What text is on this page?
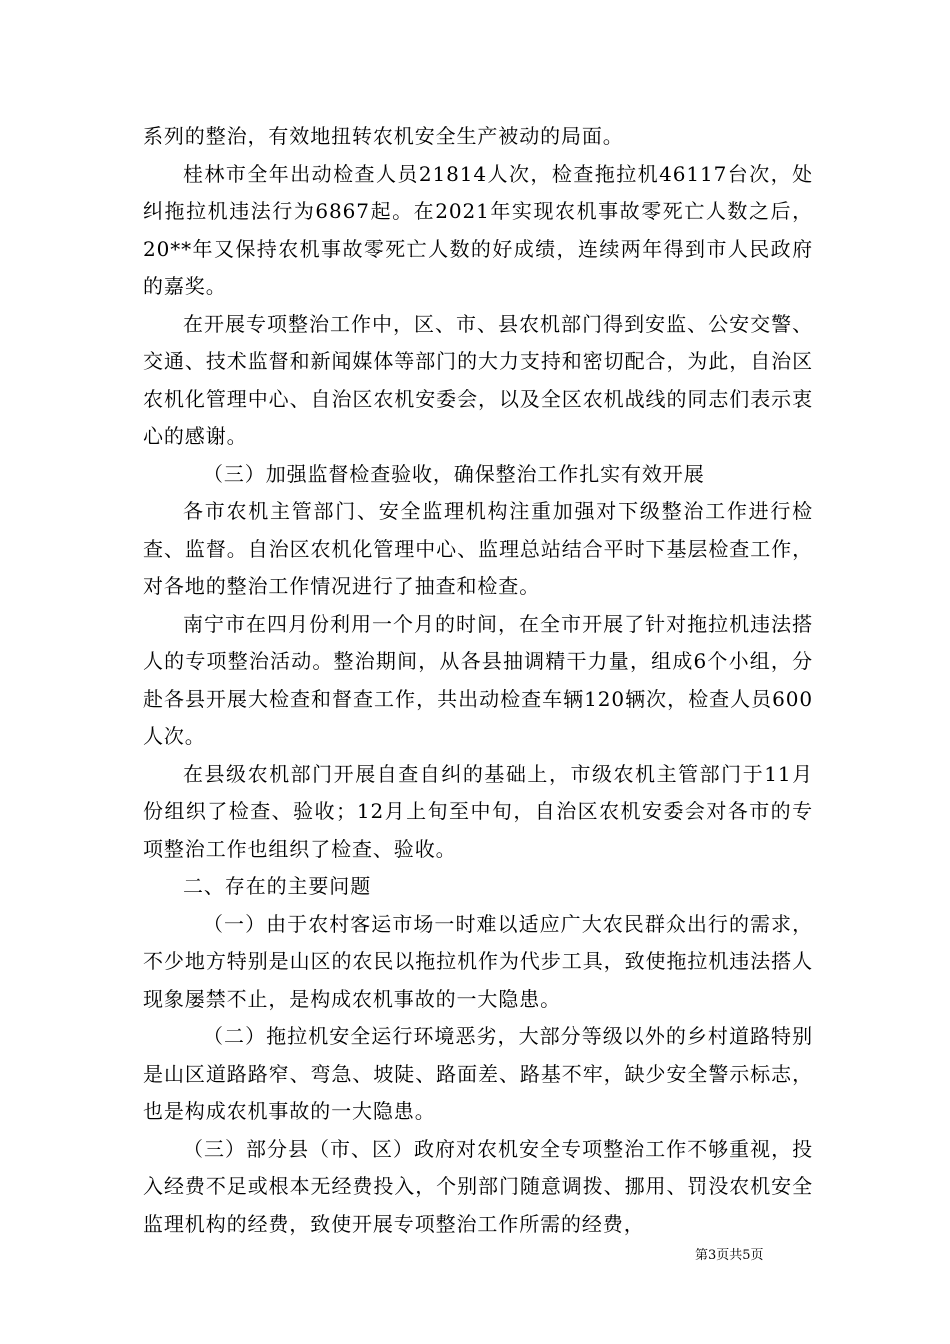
系列的整治，有效地扭转农机安全生产被动的局面。

桂林市全年出动检查人员21814人次，检查拖拉机46117台次，处纠拖拉机违法行为6867起。在2021年实现农机事故零死亡人数之后，20**年又保持农机事故零死亡人数的好成绩，连续两年得到市人民政府的嘉奖。

在开展专项整治工作中，区、市、县农机部门得到安监、公安交警、交通、技术监督和新闻媒体等部门的大力支持和密切配合，为此，自治区农机化管理中心、自治区农机安委会，以及全区农机战线的同志们表示衷心的感谢。

（三）加强监督检查验收，确保整治工作扎实有效开展

各市农机主管部门、安全监理机构注重加强对下级整治工作进行检查、监督。自治区农机化管理中心、监理总站结合平时下基层检查工作，对各地的整治工作情况进行了抽查和检查。

南宁市在四月份利用一个月的时间，在全市开展了针对拖拉机违法搭人的专项整治活动。整治期间，从各县抽调精干力量，组成6个小组，分赴各县开展大检查和督查工作，共出动检查车辆120辆次，检查人员600人次。

在县级农机部门开展自查自纠的基础上，市级农机主管部门于11月份组织了检查、验收；12月上旬至中旬，自治区农机安委会对各市的专项整治工作也组织了检查、验收。

二、存在的主要问题

（一）由于农村客运市场一时难以适应广大农民群众出行的需求，不少地方特别是山区的农民以拖拉机作为代步工具，致使拖拉机违法搭人现象屡禁不止，是构成农机事故的一大隐患。

（二）拖拉机安全运行环境恶劣，大部分等级以外的乡村道路特别是山区道路路窄、弯急、坡陡、路面差、路基不牢，缺少安全警示标志，也是构成农机事故的一大隐患。

（三）部分县（市、区）政府对农机安全专项整治工作不够重视，投入经费不足或根本无经费投入，个别部门随意调拨、挪用、罚没农机安全监理机构的经费，致使开展专项整治工作所需的经费，

第3页共5页
